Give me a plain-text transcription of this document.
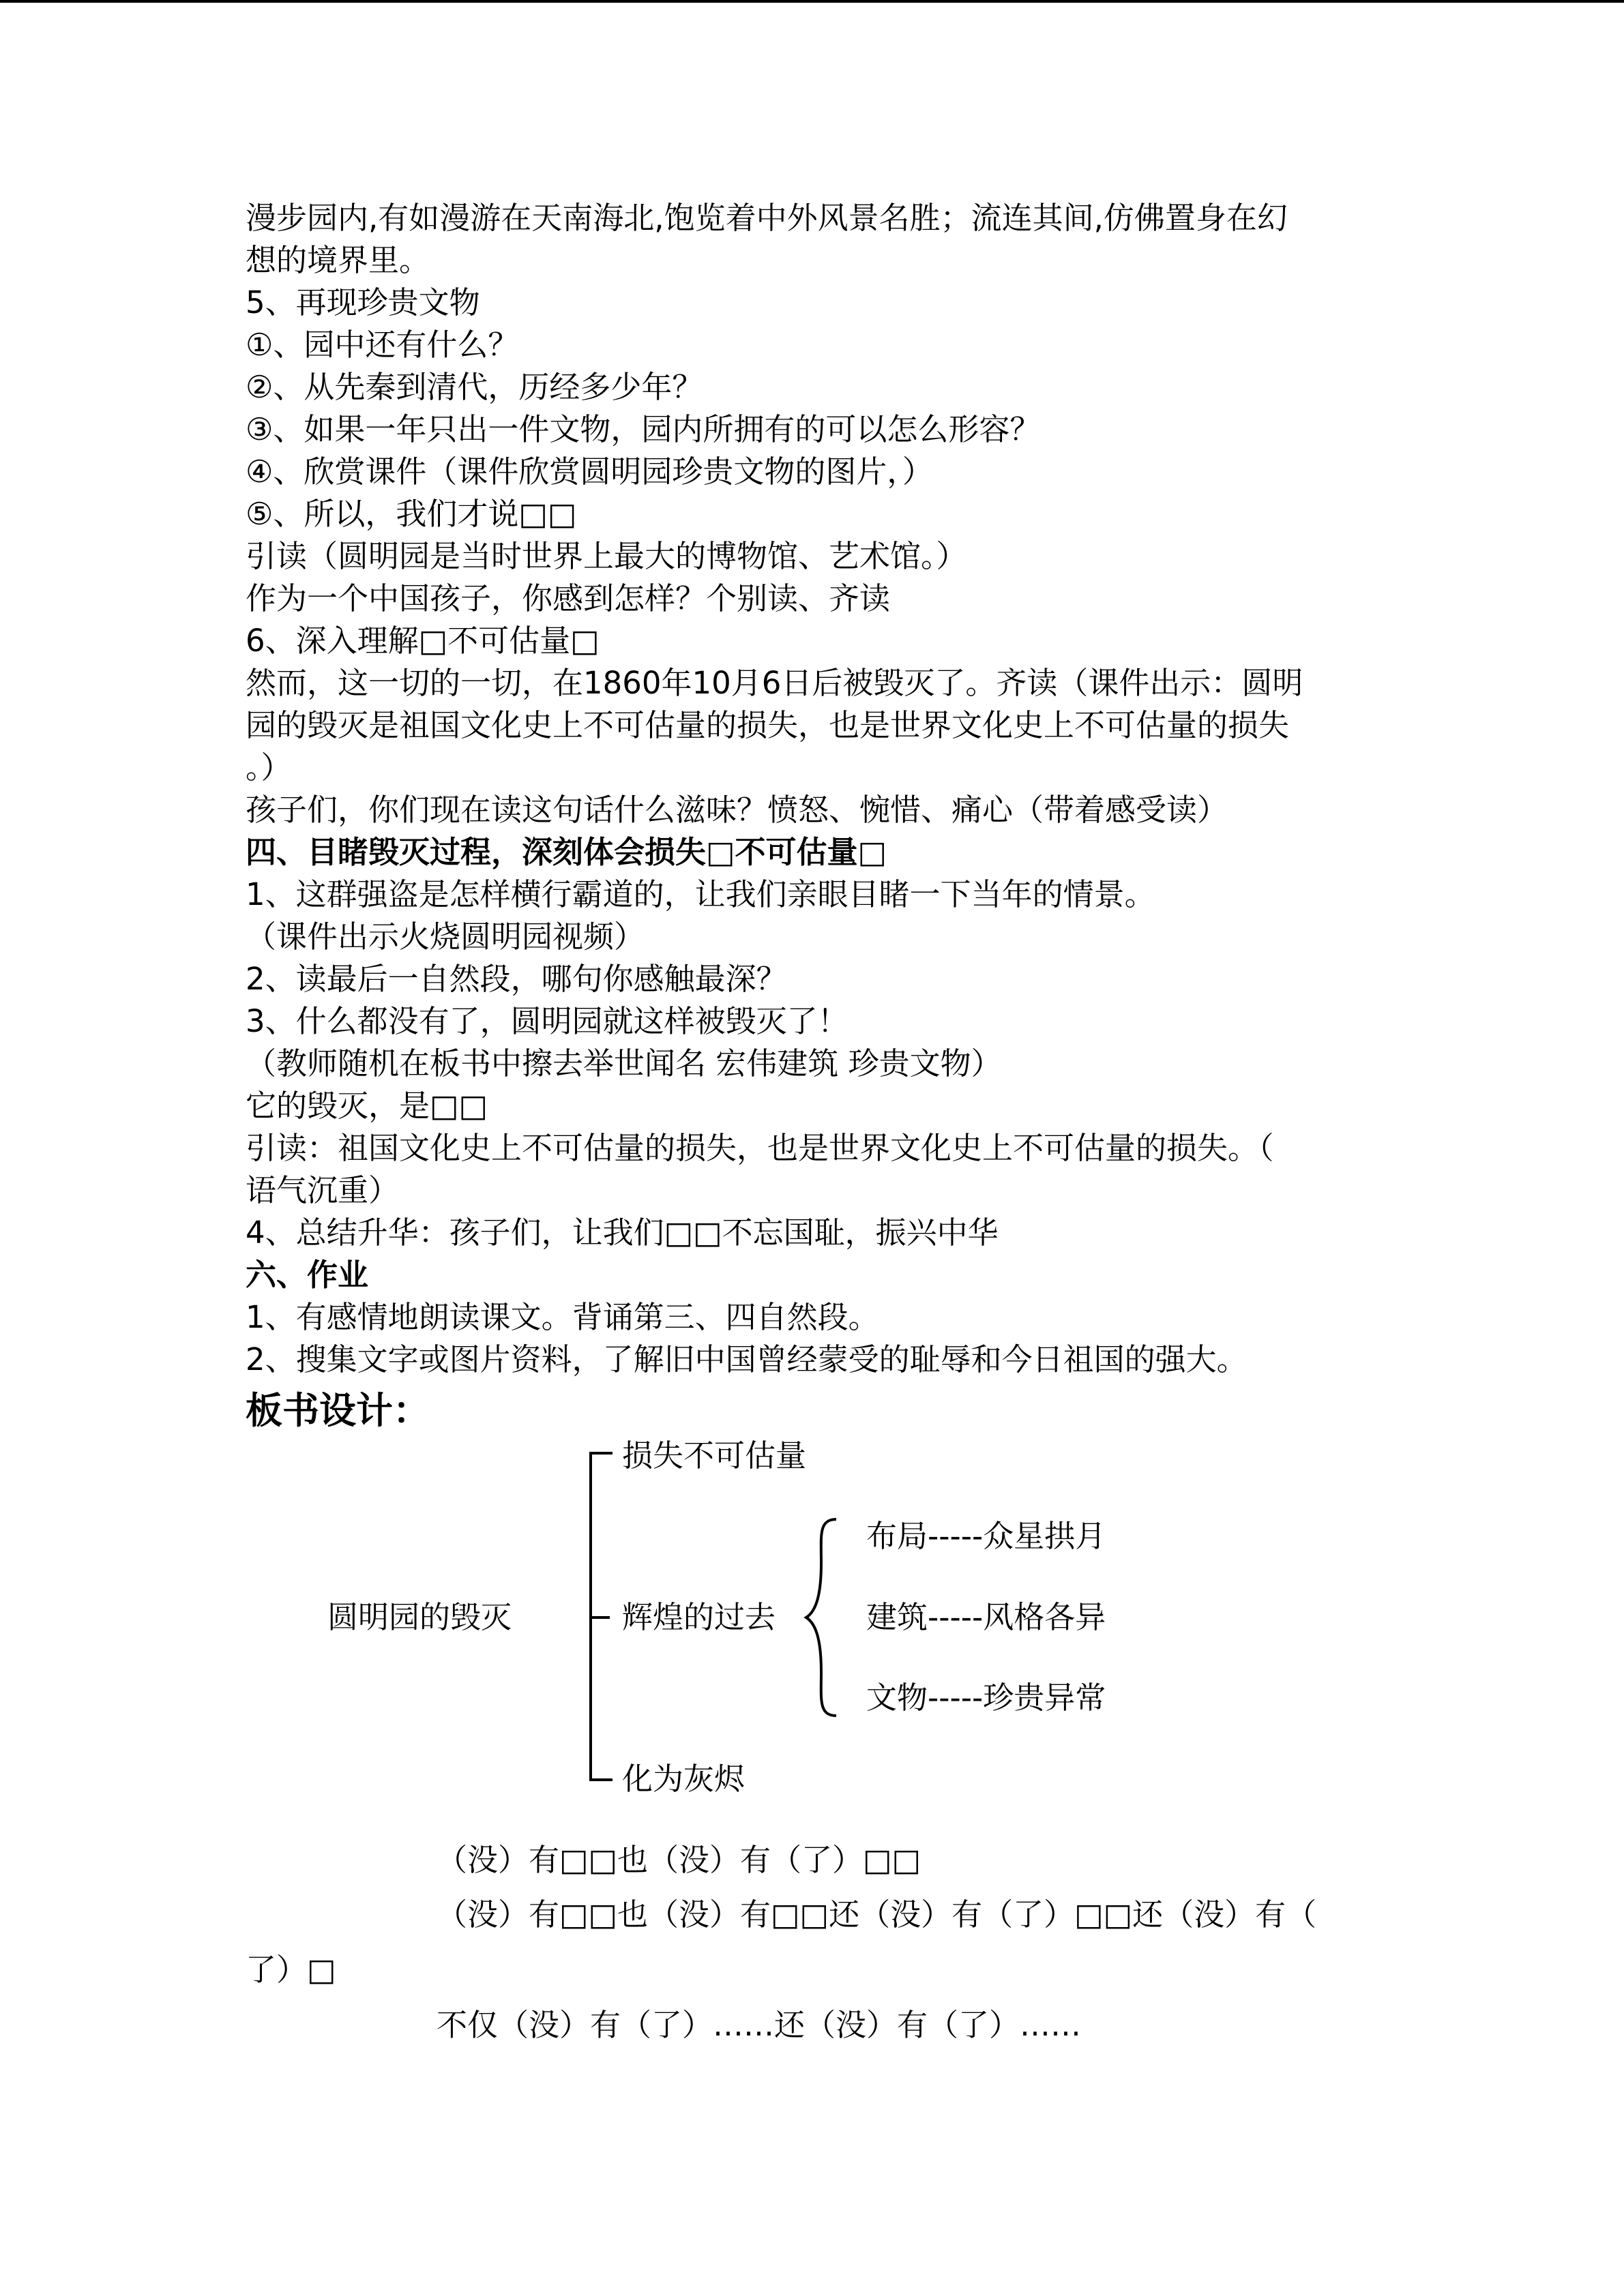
漫步园内,有如漫游在天南海北,饱览着中外风景名胜；流连其间,仿佛置身在幻
想的境界里。
5、再现珍贵文物
①、园中还有什么？
②、从先秦到清代，历经多少年？
③、如果一年只出一件文物，园内所拥有的可以怎么形容？
④、欣赏课件（课件欣赏圆明园珍贵文物的图片，）
⑤、所以，我们才说□□
引读（圆明园是当时世界上最大的博物馆、艺术馆。）
作为一个中国孩子，你感到怎样？个别读、齐读
6、深入理解□不可估量□
然而，这一切的一切，在1860年10月6日后被毁灭了。齐读（课件出示：圆明
园的毁灭是祖国文化史上不可估量的损失，也是世界文化史上不可估量的损失
。）
孩子们，你们现在读这句话什么滋味？愤怒、惋惜、痛心（带着感受读）
四、目睹毁灭过程，深刻体会损失□不可估量□
1、这群强盗是怎样横行霸道的，让我们亲眼目睹一下当年的情景。
（课件出示火烧圆明园视频）
2、读最后一自然段，哪句你感触最深？
3、什么都没有了，圆明园就这样被毁灭了！
（教师随机在板书中擦去举世闻名 宏伟建筑 珍贵文物）
它的毁灭，是□□
引读：祖国文化史上不可估量的损失，也是世界文化史上不可估量的损失。（
语气沉重）
4、总结升华：孩子们，让我们□□不忘国耻，振兴中华
六、作业
1、有感情地朗读课文。背诵第三、四自然段。
2、搜集文字或图片资料，了解旧中国曾经蒙受的耻辱和今日祖国的强大。
板书设计：
圆明园的毁灭
损失不可估量
辉煌的过去
化为灰烬
布局-----众星拱月
建筑-----风格各异
文物-----珍贵异常
（没）有□□也（没）有（了）□□
（没）有□□也（没）有□□还（没）有（了）□□还（没）有（
了）□
不仅（没）有（了）……还（没）有（了）……
